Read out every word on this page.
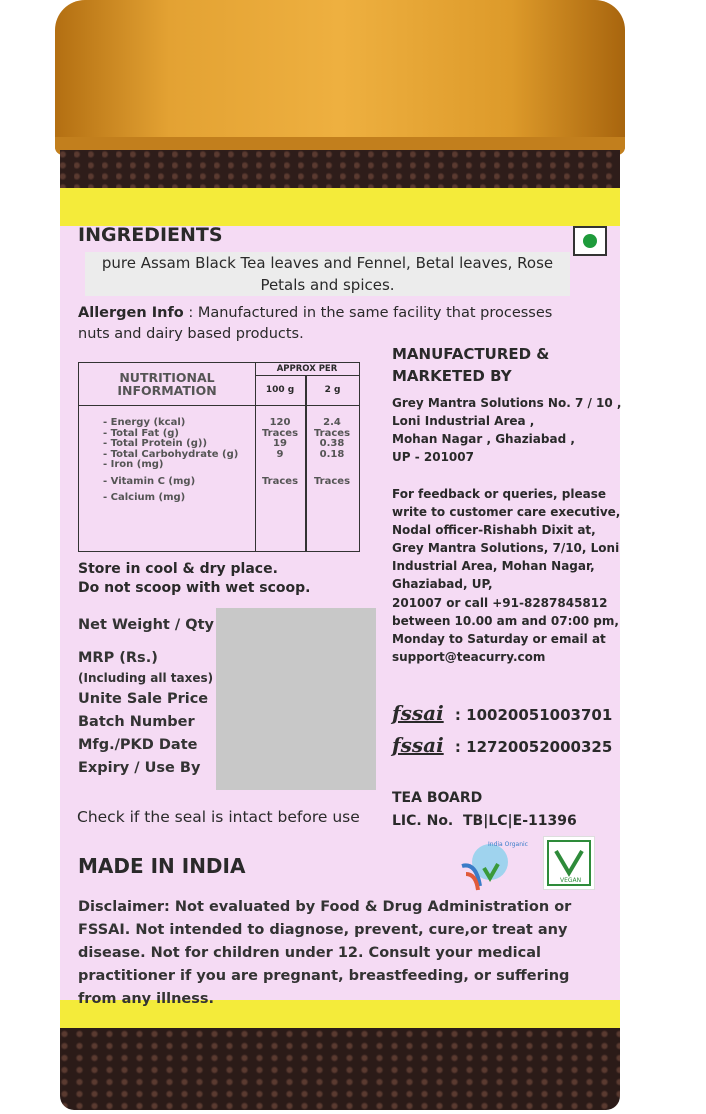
INGREDIENTS
pure Assam Black Tea leaves and Fennel, Betal leaves, Rose Petals and spices.
Allergen Info : Manufactured in the same facility that processes nuts and dairy based products.
NUTRITIONAL
INFORMATION
APPROX PER
100 g	2 g
- Energy (kcal)	120	2.4
- Total Fat (g)	Traces	Traces
- Total Protein (g))	19	0.38
- Total Carbohydrate (g)	9	0.18
- Iron (mg)
- Vitamin C (mg)	Traces	Traces
- Calcium (mg)
Store in cool & dry place.
Do not scoop with wet scoop.
Net Weight / Qty
MRP (Rs.)
(Including all taxes)
Unite Sale Price
Batch Number
Mfg./PKD Date
Expiry / Use By
Check if the seal is intact before use
MANUFACTURED & MARKETED BY
Grey Mantra Solutions No. 7 / 10 ,
Loni Industrial Area ,
Mohan Nagar , Ghaziabad ,
UP - 201007
For feedback or queries, please
write to customer care executive,
Nodal officer-Rishabh Dixit at,
Grey Mantra Solutions, 7/10, Loni
Industrial Area, Mohan Nagar,
Ghaziabad, UP,
201007 or call +91-8287845812
between 10.00 am and 07:00 pm,
Monday to Saturday or email at
support@teacurry.com
fssai : 10020051003701
fssai : 12720052000325
TEA BOARD
LIC. No.  TB|LC|E-11396
India Organic
VEGAN
MADE IN INDIA
Disclaimer: Not evaluated by Food & Drug Administration or FSSAI. Not intended to diagnose, prevent, cure,or treat any disease. Not for children under 12. Consult your medical practitioner if you are pregnant, breastfeeding, or suffering from any illness.
